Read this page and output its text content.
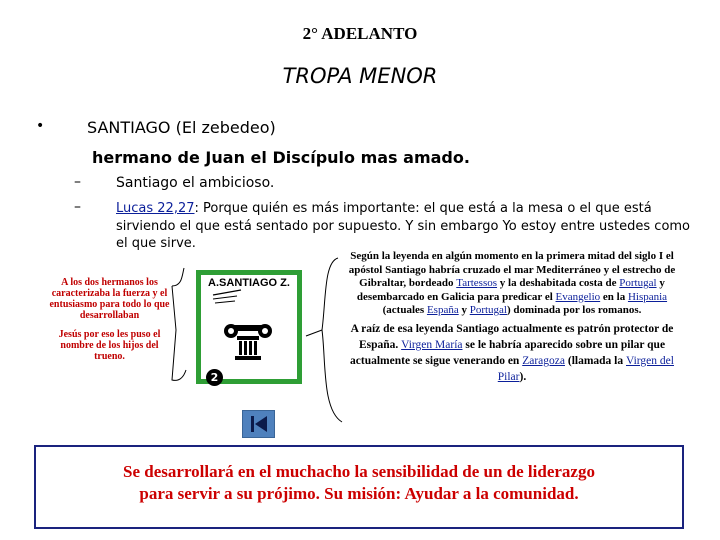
2° ADELANTO
TROPA MENOR
•	SANTIAGO (El zebedeo)
hermano de Juan el Discípulo mas amado.
–	Santiago el ambicioso.
–	Lucas 22,27: Porque quién es más importante: el que está a la mesa o el que está sirviendo el que está sentado por supuesto. Y sin embargo Yo estoy entre ustedes como el que sirve.

A los dos hermanos los caracterizaba la fuerza y el entusiasmo para todo lo que desarrollaban

Jesús por eso les puso el nombre de los hijos del trueno.

A.SANTIAGO Z.
2

Según la leyenda en algún momento en la primera mitad del siglo I el apóstol Santiago habría cruzado el mar Mediterráneo y el estrecho de Gibraltar, bordeado Tartessos y la deshabitada costa de Portugal y desembarcado en Galicia para predicar el Evangelio en la Hispania (actuales España y Portugal) dominada por los romanos.

A raíz de esa leyenda Santiago actualmente es patrón protector de España. Virgen María se le habría aparecido sobre un pilar que actualmente se sigue venerando en Zaragoza (llamada la Virgen del Pilar).

Se desarrollará en el muchacho la sensibilidad de un de liderazgo
para servir a su prójimo. Su misión: Ayudar a la comunidad.
